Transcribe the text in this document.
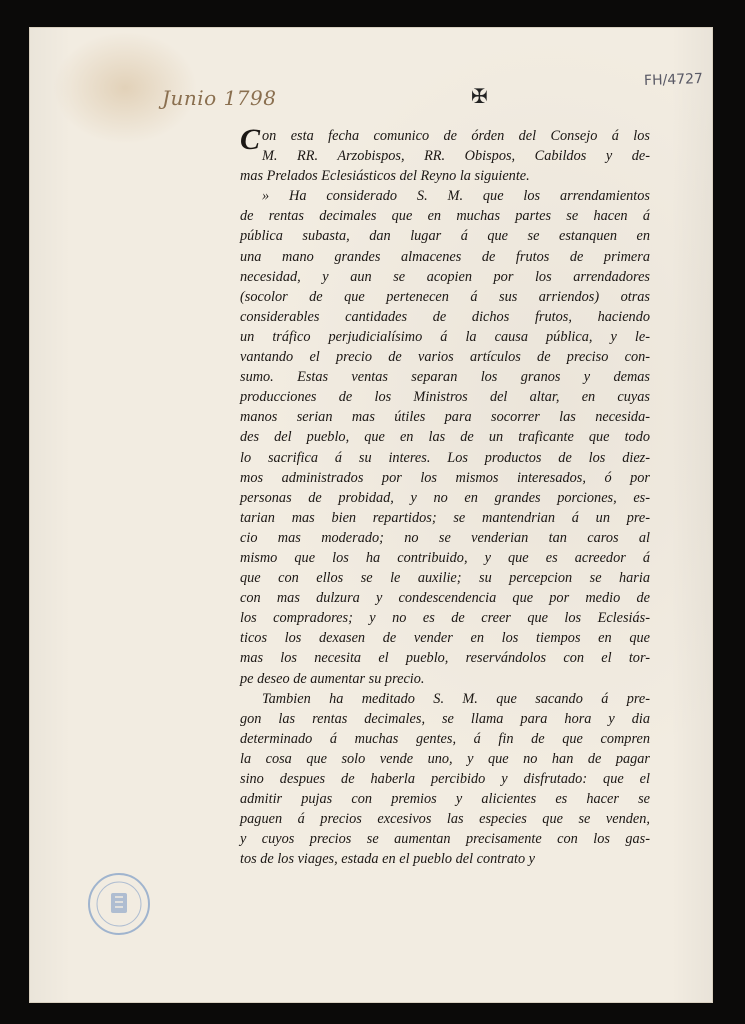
Junio 1798	✠
FH/4727
Con esta fecha comunico de órden del Consejo á los
M. RR. Arzobispos, RR. Obispos, Cabildos y de-
mas Prelados Eclesiásticos del Reyno la siguiente.
» Ha considerado S. M. que los arrendamientos
de rentas decimales que en muchas partes se hacen á
pública subasta, dan lugar á que se estanquen en
una mano grandes almacenes de frutos de primera
necesidad, y aun se acopien por los arrendadores
(socolor de que pertenecen á sus arriendos) otras
considerables cantidades de dichos frutos, haciendo
un tráfico perjudicialísimo á la causa pública, y le-
vantando el precio de varios artículos de preciso con-
sumo. Estas ventas separan los granos y demas
producciones de los Ministros del altar, en cuyas
manos serian mas útiles para socorrer las necesida-
des del pueblo, que en las de un traficante que todo
lo sacrifica á su interes. Los productos de los diez-
mos administrados por los mismos interesados, ó por
personas de probidad, y no en grandes porciones, es-
tarian mas bien repartidos; se mantendrian á un pre-
cio mas moderado; no se venderian tan caros al
mismo que los ha contribuido, y que es acreedor á
que con ellos se le auxilie; su percepcion se haria
con mas dulzura y condescendencia que por medio de
los compradores; y no es de creer que los Eclesiás-
ticos los dexasen de vender en los tiempos en que
mas los necesita el pueblo, reservándolos con el tor-
pe deseo de aumentar su precio.
Tambien ha meditado S. M. que sacando á pre-
gon las rentas decimales, se llama para hora y dia
determinado á muchas gentes, á fin de que compren
la cosa que solo vende uno, y que no han de pagar
sino despues de haberla percibido y disfrutado: que el
admitir pujas con premios y alicientes es hacer se
paguen á precios excesivos las especies que se venden,
y cuyos precios se aumentan precisamente con los gas-
tos de los viages, estada en el pueblo del contrato y
